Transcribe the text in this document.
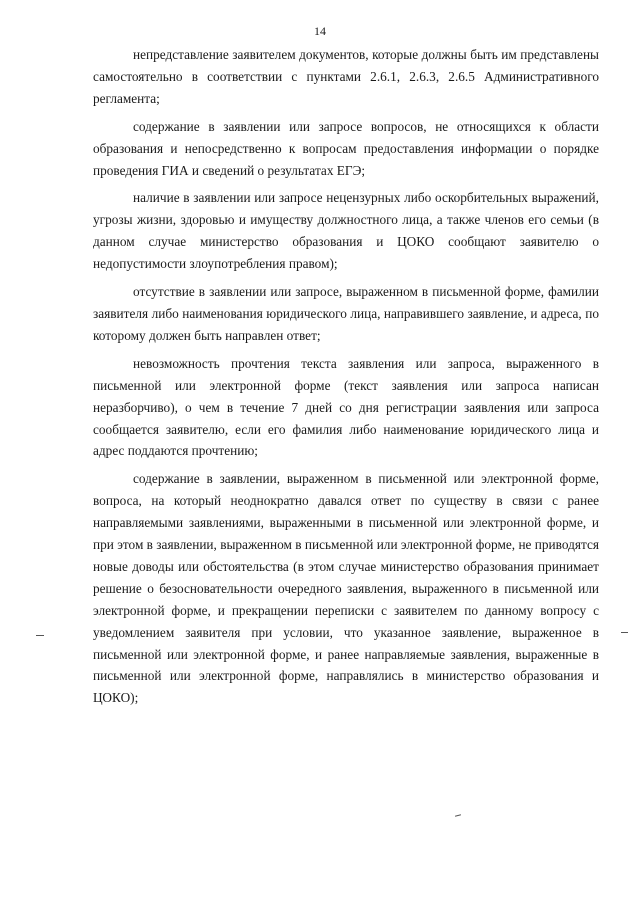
14

непредставление заявителем документов, которые должны быть им представлены самостоятельно в соответствии с пунктами 2.6.1, 2.6.3, 2.6.5 Административного регламента;

содержание в заявлении или запросе вопросов, не относящихся к области образования и непосредственно к вопросам предоставления информации о порядке проведения ГИА и сведений о результатах ЕГЭ;

наличие в заявлении или запросе нецензурных либо оскорбительных выражений, угрозы жизни, здоровью и имуществу должностного лица, а также членов его семьи (в данном случае министерство образования и ЦОКО сообщают заявителю о недопустимости злоупотребления правом);

отсутствие в заявлении или запросе, выраженном в письменной форме, фамилии заявителя либо наименования юридического лица, направившего заявление, и адреса, по которому должен быть направлен ответ;

невозможность прочтения текста заявления или запроса, выраженного в письменной или электронной форме (текст заявления или запроса написан неразборчиво), о чем в течение 7 дней со дня регистрации заявления или запроса сообщается заявителю, если его фамилия либо наименование юридического лица и адрес поддаются прочтению;

содержание в заявлении, выраженном в письменной или электронной форме, вопроса, на который неоднократно давался ответ по существу в связи с ранее направляемыми заявлениями, выраженными в письменной или электронной форме, и при этом в заявлении, выраженном в письменной или электронной форме, не приводятся новые доводы или обстоятельства (в этом случае министерство образования принимает решение о безосновательности очередного заявления, выраженного в письменной или электронной форме, и прекращении переписки с заявителем по данному вопросу с уведомлением заявителя при условии, что указанное заявление, выраженное в письменной или электронной форме, и ранее направляемые заявления, выраженные в письменной или электронной форме, направлялись в министерство образования и ЦОКО);
